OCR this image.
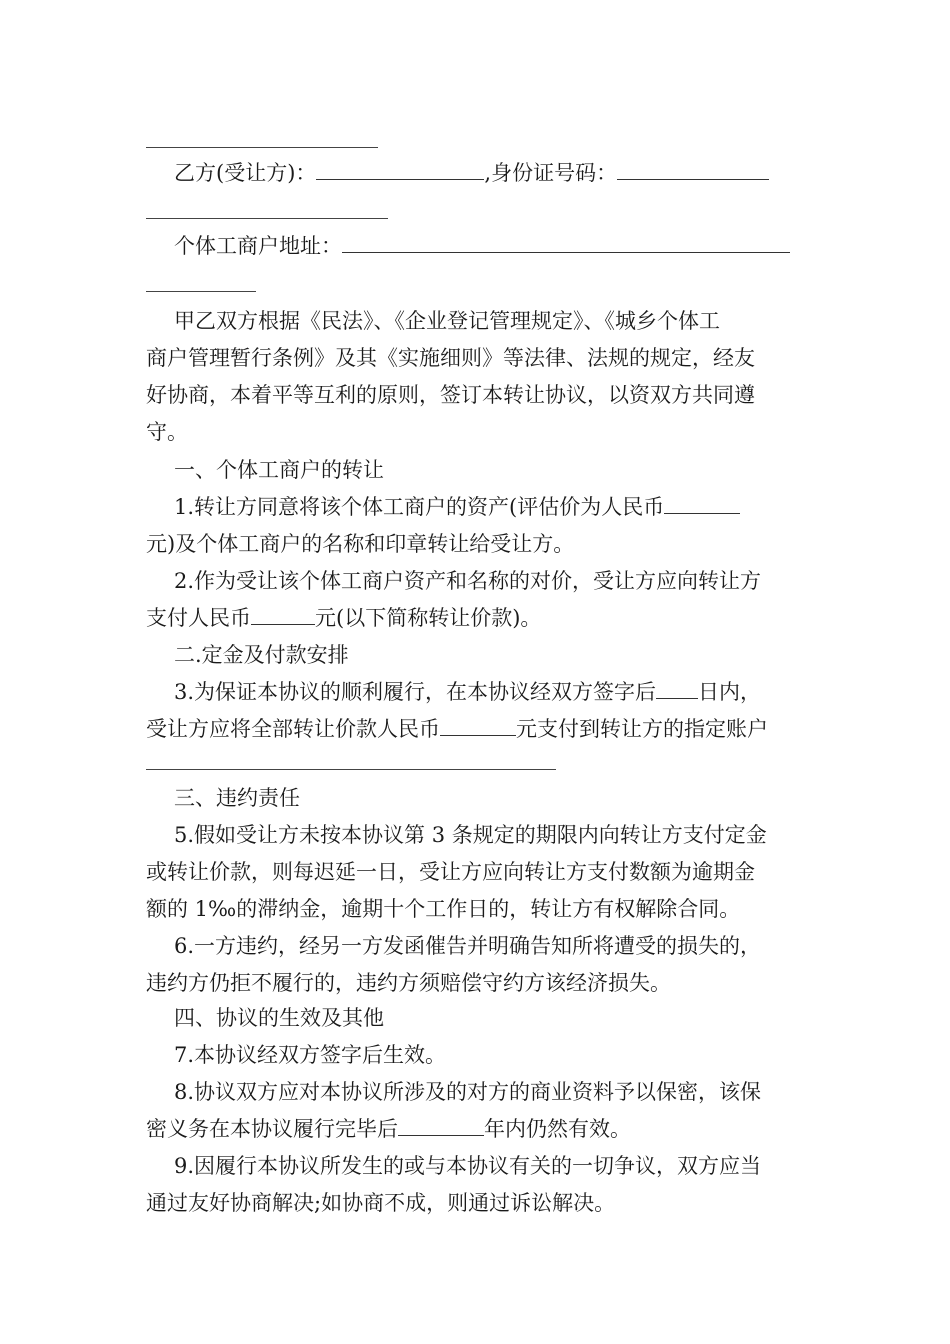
乙方(受让方)：	,身份证号码：
个体工商户地址：
甲乙双方根据《民法》、《企业登记管理规定》、《城乡个体工
商户管理暂行条例》及其《实施细则》等法律、法规的规定，经友
好协商，本着平等互利的原则，签订本转让协议，以资双方共同遵
守。
一、个体工商户的转让
1.转让方同意将该个体工商户的资产(评估价为人民币
元)及个体工商户的名称和印章转让给受让方。
2.作为受让该个体工商户资产和名称的对价，受让方应向转让方
支付人民币	元(以下简称转让价款)。
二.定金及付款安排
3.为保证本协议的顺利履行，在本协议经双方签字后 日内，
受让方应将全部转让价款人民币	元支付到转让方的指定账户
三、违约责任
5.假如受让方未按本协议第 3 条规定的期限内向转让方支付定金
或转让价款，则每迟延一日，受让方应向转让方支付数额为逾期金
额的 1‰的滞纳金，逾期十个工作日的，转让方有权解除合同。
6.一方违约，经另一方发函催告并明确告知所将遭受的损失的，
违约方仍拒不履行的，违约方须赔偿守约方该经济损失。
四、协议的生效及其他
7.本协议经双方签字后生效。
8.协议双方应对本协议所涉及的对方的商业资料予以保密，该保
密义务在本协议履行完毕后	年内仍然有效。
9.因履行本协议所发生的或与本协议有关的一切争议，双方应当
通过友好协商解决;如协商不成，则通过诉讼解决。
